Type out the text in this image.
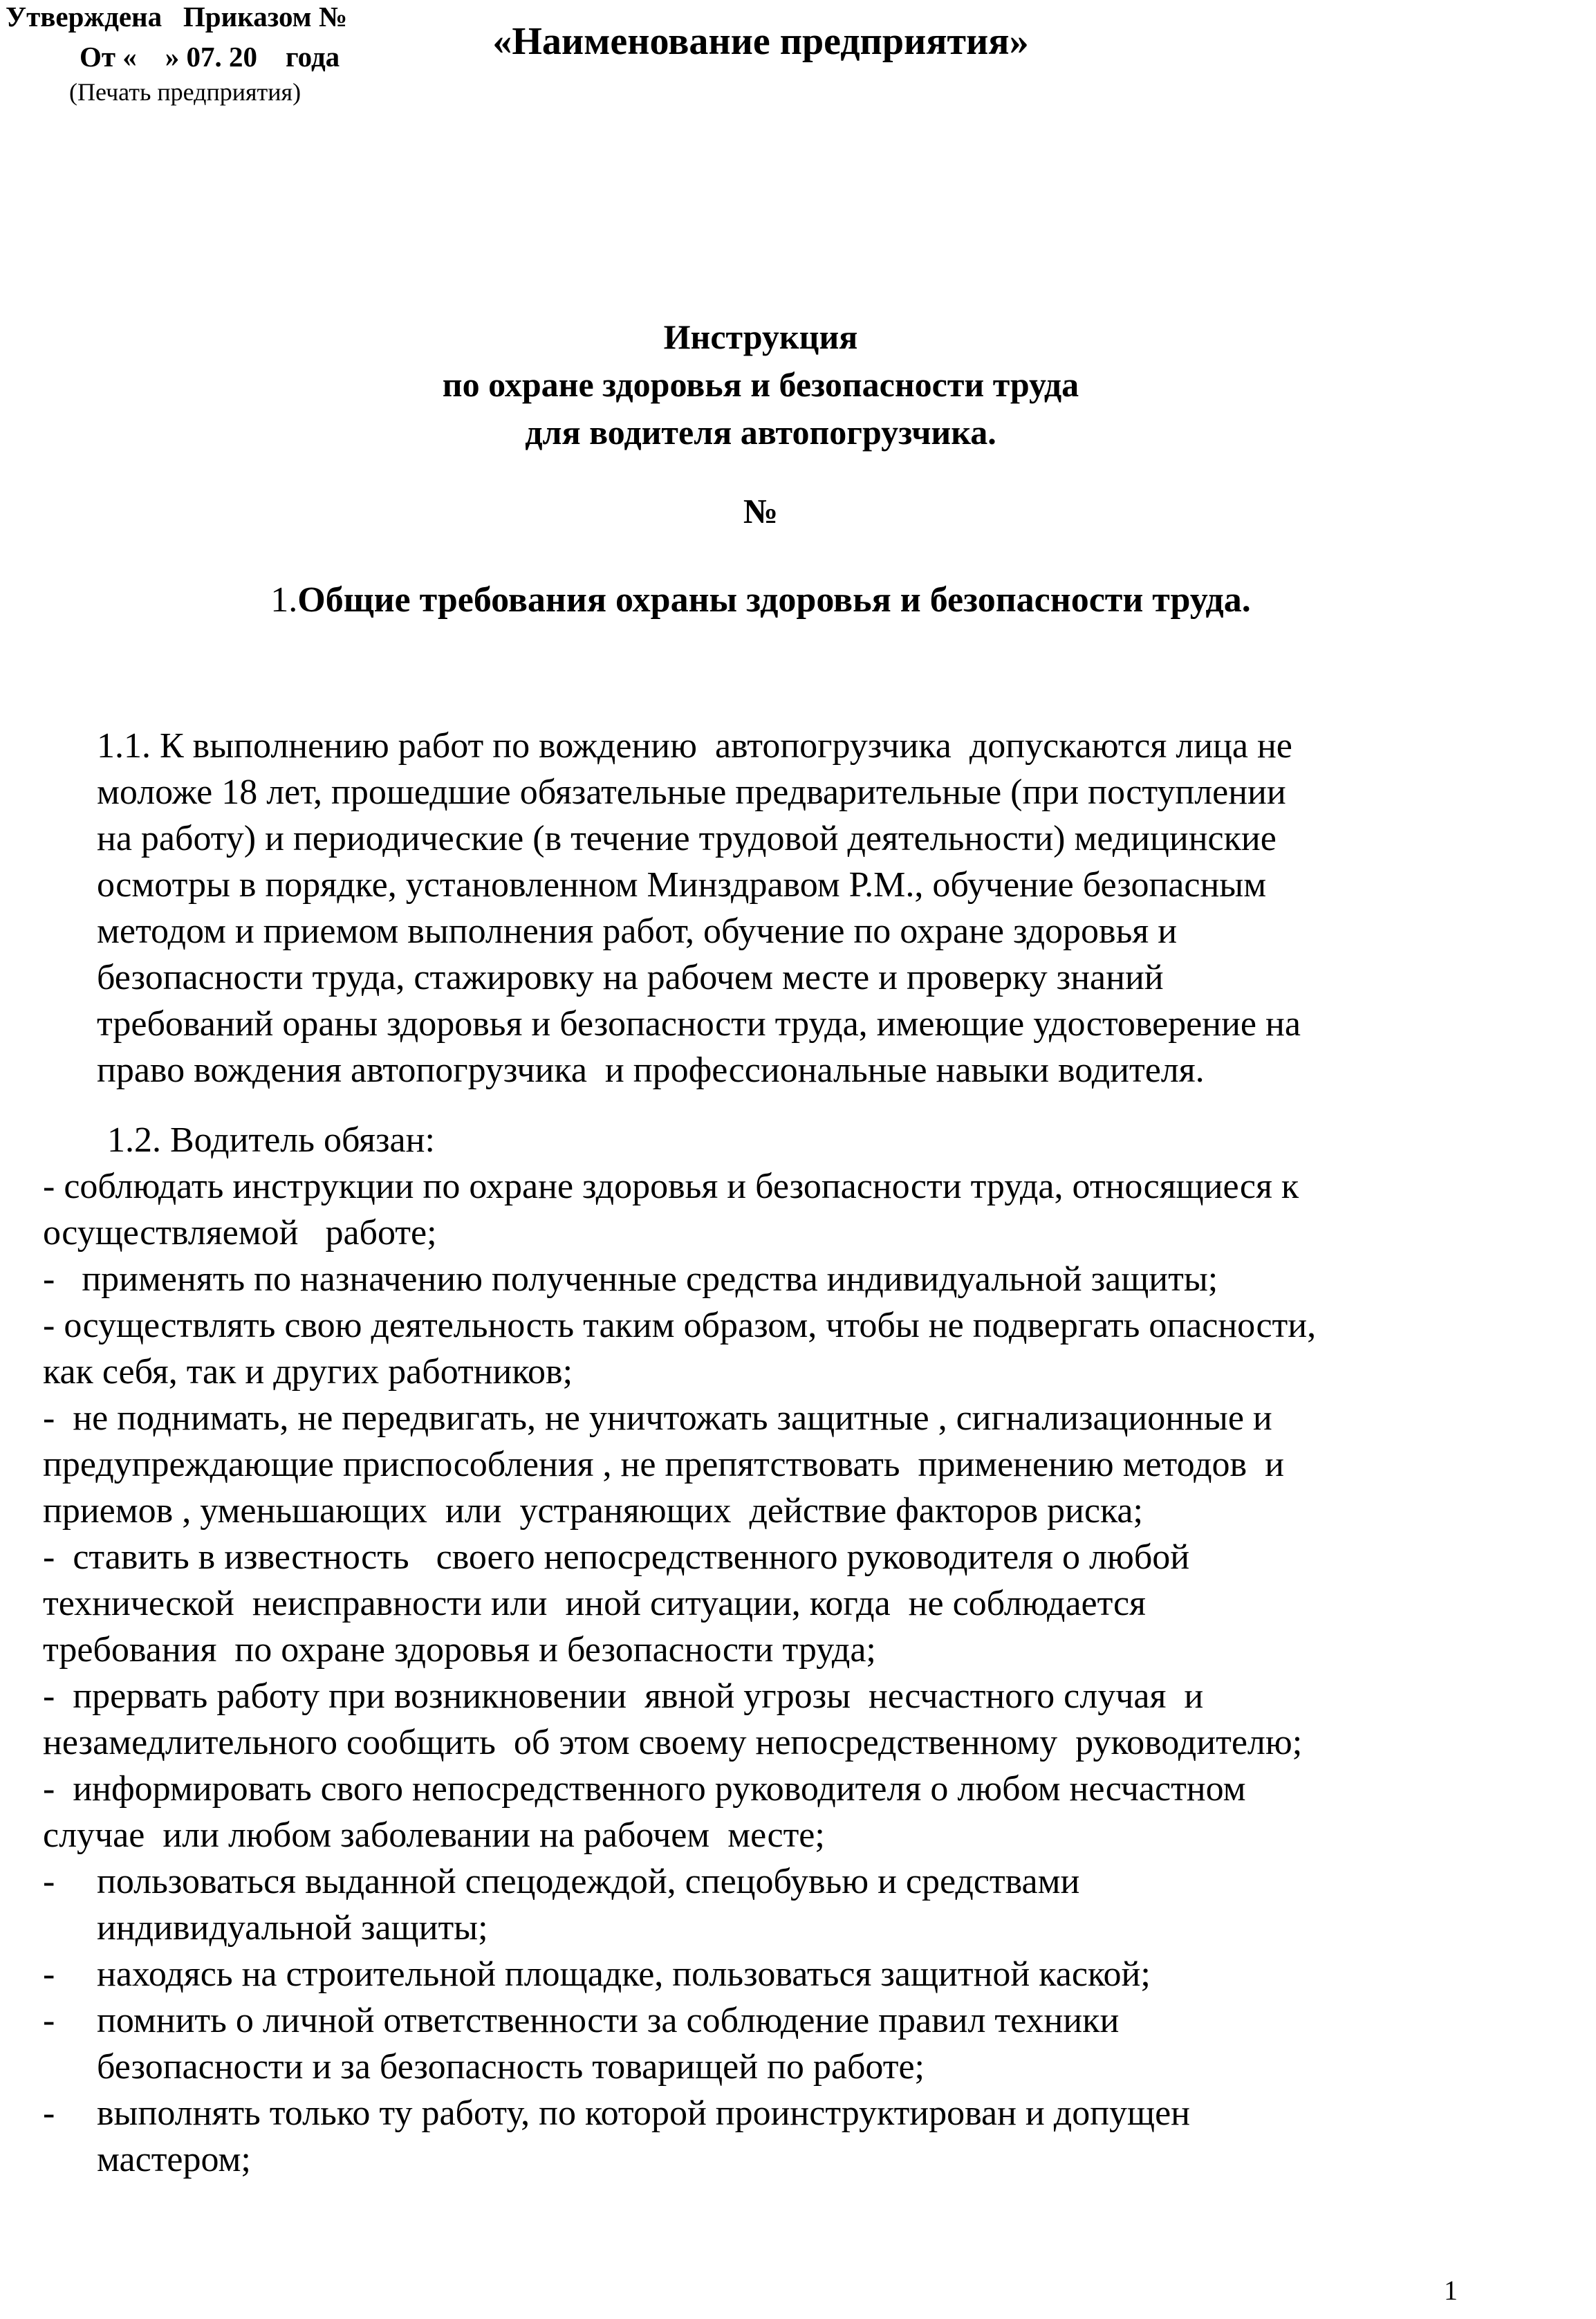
«Наименование предприятия»
Утверждена   Приказом №
От «    » 07. 20    года
(Печать предприятия)
Инструкция
по охране здоровья и безопасности труда
для водителя автопогрузчика.
№
1.Общие требования охраны здоровья и безопасности труда.
1.1. К выполнению работ по вождению  автопогрузчика  допускаются лица не
моложе 18 лет, прошедшие обязательные предварительные (при поступлении
на работу) и периодические (в течение трудовой деятельности) медицинские
осмотры в порядке, установленном Минздравом Р.М., обучение безопасным
методом и приемом выполнения работ, обучение по охране здоровья и
безопасности труда, стажировку на рабочем месте и проверку знаний
требований ораны здоровья и безопасности труда, имеющие удостоверение на
право вождения автопогрузчика  и профессиональные навыки водителя.
1.2. Водитель обязан:
- соблюдать инструкции по охране здоровья и безопасности труда, относящиеся к
осуществляемой   работе;
-   применять по назначению полученные средства индивидуальной защиты;
- осуществлять свою деятельность таким образом, чтобы не подвергать опасности,
как себя, так и других работников;
-  не поднимать, не передвигать, не уничтожать защитные , сигнализационные и
предупреждающие приспособления , не препятствовать  применению методов  и
приемов , уменьшающих  или  устраняющих  действие факторов риска;
-  ставить в известность   своего непосредственного руководителя о любой
технической  неисправности или  иной ситуации, когда  не соблюдается
требования  по охране здоровья и безопасности труда;
-  прервать работу при возникновении  явной угрозы  несчастного случая  и
незамедлительного сообщить  об этом своему непосредственному  руководителю;
-  информировать свого непосредственного руководителя о любом несчастном
случае  или любом заболевании на рабочем  месте;
- пользоваться выданной спецодеждой, спецобувью и средствами
индивидуальной защиты;
- находясь на строительной площадке, пользоваться защитной каской;
- помнить о личной ответственности за соблюдение правил техники
безопасности и за безопасность товарищей по работе;
- выполнять только ту работу, по которой проинструктирован и допущен
мастером;
1
